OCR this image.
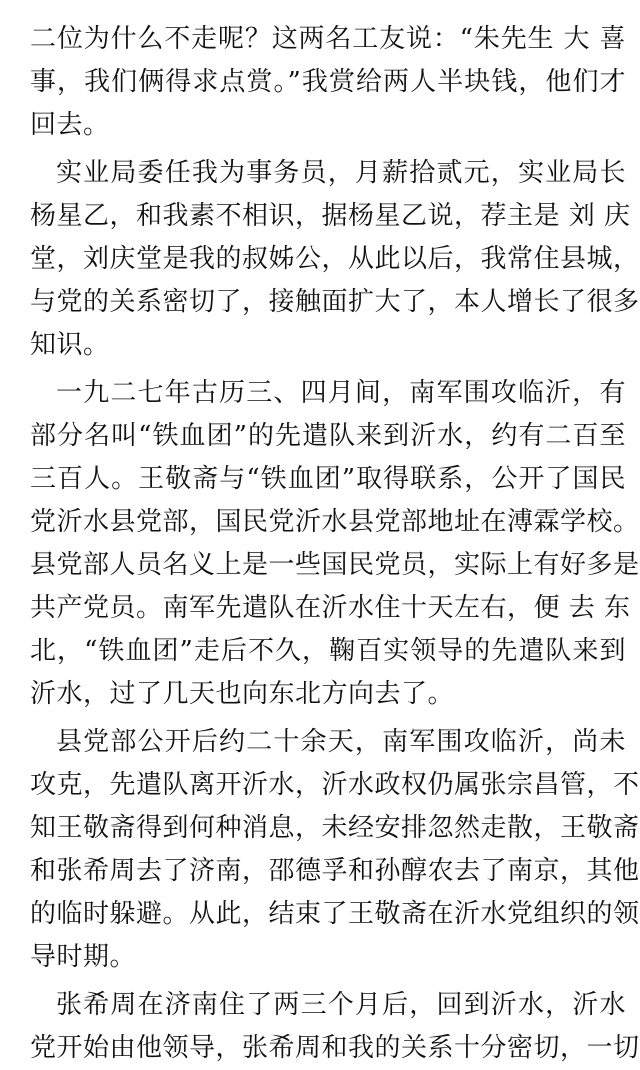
二位为什么不走呢？这两名工友说：“朱先生 大 喜
事，我们俩得求点赏。”我赏给两人半块钱，他们才
回去。
实业局委任我为事务员，月薪拾贰元，实业局长
杨星乙，和我素不相识，据杨星乙说，荐主是 刘 庆
堂，刘庆堂是我的叔姊公，从此以后，我常住县城，
与党的关系密切了，接触面扩大了，本人增长了很多
知识。
一九二七年古历三、四月间，南军围攻临沂，有
部分名叫“铁血团”的先遣队来到沂水，约有二百至
三百人。王敬斋与“铁血团”取得联系，公开了国民
党沂水县党部，国民党沂水县党部地址在溥霖学校。
县党部人员名义上是一些国民党员，实际上有好多是
共产党员。南军先遣队在沂水住十天左右，便 去 东
北，“铁血团”走后不久，鞠百实领导的先遣队来到
沂水，过了几天也向东北方向去了。
县党部公开后约二十余天，南军围攻临沂，尚未
攻克，先遣队离开沂水，沂水政权仍属张宗昌管，不
知王敬斋得到何种消息，未经安排忽然走散，王敬斋
和张希周去了济南，邵德孚和孙醇农去了南京，其他
的临时躲避。从此，结束了王敬斋在沂水党组织的领
导时期。
张希周在济南住了两三个月后，回到沂水，沂水
党开始由他领导，张希周和我的关系十分密切，一切
